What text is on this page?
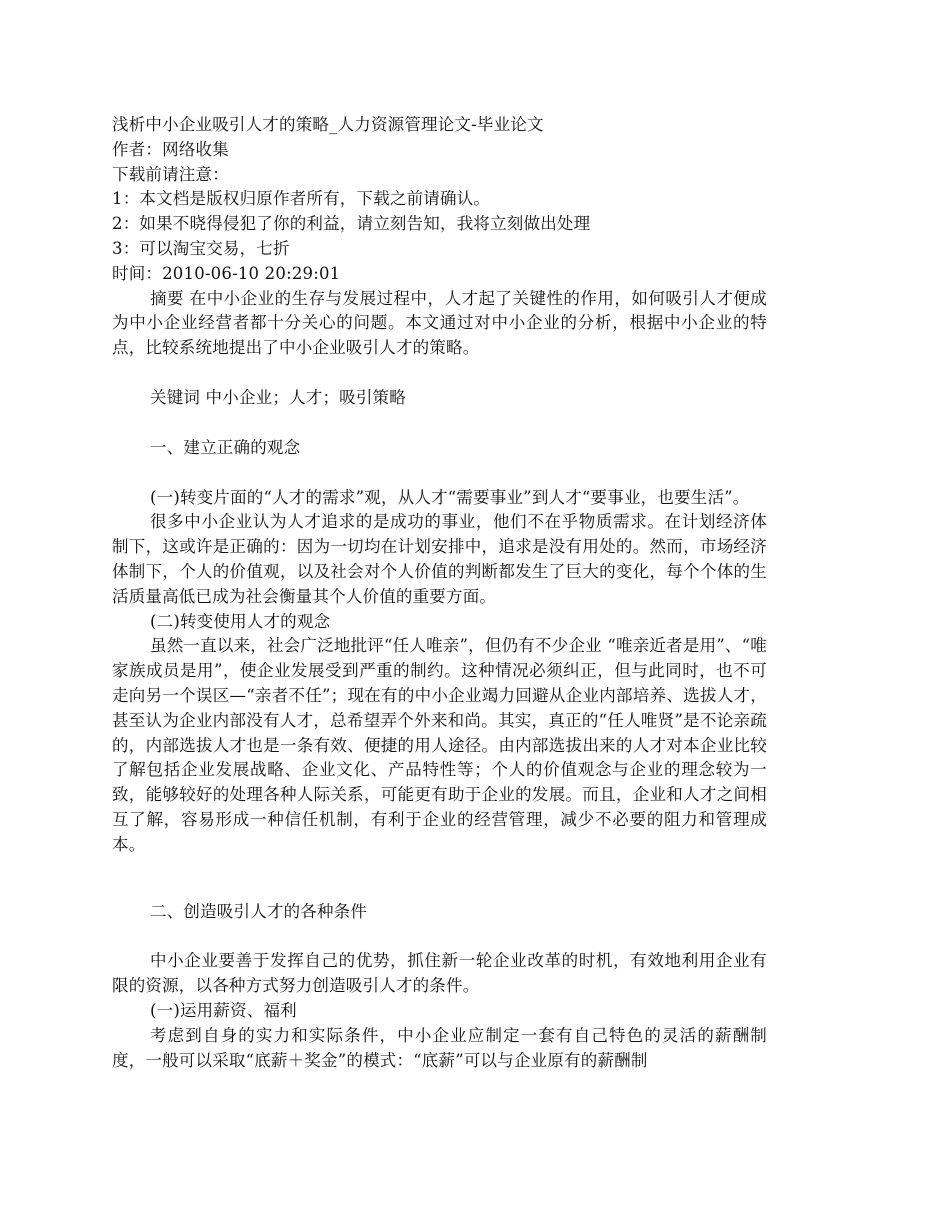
浅析中小企业吸引人才的策略_人力资源管理论文-毕业论文
作者：网络收集
下载前请注意：
1：本文档是版权归原作者所有，下载之前请确认。
2：如果不晓得侵犯了你的利益，请立刻告知，我将立刻做出处理
3：可以淘宝交易，七折
时间：2010-06-10 20:29:01

摘要 在中小企业的生存与发展过程中，人才起了关键性的作用，如何吸引人才便成为中小企业经营者都十分关心的问题。本文通过对中小企业的分析，根据中小企业的特点，比较系统地提出了中小企业吸引人才的策略。

关键词 中小企业；人才；吸引策略
一、建立正确的观念

(一)转变片面的“人才的需求”观，从人才“需要事业”到人才“要事业，也要生活”。

很多中小企业认为人才追求的是成功的事业，他们不在乎物质需求。在计划经济体制下，这或许是正确的：因为一切均在计划安排中，追求是没有用处的。然而，市场经济体制下，个人的价值观，以及社会对个人价值的判断都发生了巨大的变化，每个个体的生活质量高低已成为社会衡量其个人价值的重要方面。

(二)转变使用人才的观念

虽然一直以来，社会广泛地批评“任人唯亲”，但仍有不少企业 “唯亲近者是用”、“唯家族成员是用”，使企业发展受到严重的制约。这种情况必须纠正，但与此同时，也不可走向另一个误区—“亲者不任”；现在有的中小企业竭力回避从企业内部培养、选拔人才，甚至认为企业内部没有人才，总希望弄个外来和尚。其实，真正的“任人唯贤”是不论亲疏的，内部选拔人才也是一条有效、便捷的用人途径。由内部选拔出来的人才对本企业比较了解包括企业发展战略、企业文化、产品特性等；个人的价值观念与企业的理念较为一致，能够较好的处理各种人际关系，可能更有助于企业的发展。而且，企业和人才之间相互了解，容易形成一种信任机制，有利于企业的经营管理，减少不必要的阻力和管理成本。

二、创造吸引人才的各种条件

中小企业要善于发挥自己的优势，抓住新一轮企业改革的时机，有效地利用企业有限的资源，以各种方式努力创造吸引人才的条件。

(一)运用薪资、福利

考虑到自身的实力和实际条件，中小企业应制定一套有自己特色的灵活的薪酬制度，一般可以采取“底薪＋奖金”的模式：“底薪”可以与企业原有的薪酬制
